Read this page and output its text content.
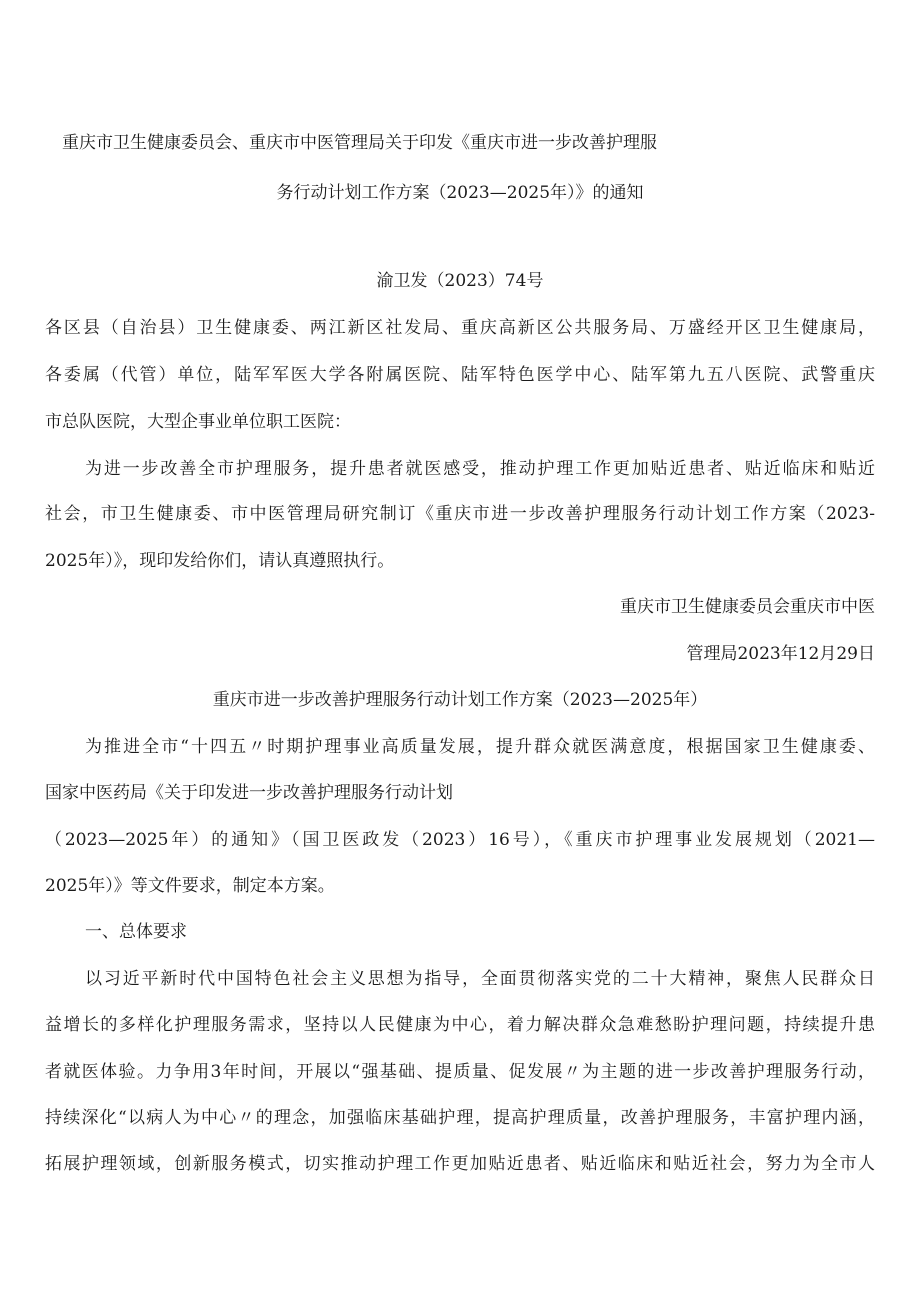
重庆市卫生健康委员会、重庆市中医管理局关于印发《重庆市进一步改善护理服
务行动计划工作方案（2023—2025年）》的通知
渝卫发（2023）74号
各区县（自治县）卫生健康委、两江新区社发局、重庆高新区公共服务局、万盛经开区卫生健康局，
各委属（代管）单位，陆军军医大学各附属医院、陆军特色医学中心、陆军第九五八医院、武警重庆
市总队医院，大型企事业单位职工医院：
为进一步改善全市护理服务，提升患者就医感受，推动护理工作更加贴近患者、贴近临床和贴近
社会，市卫生健康委、市中医管理局研究制订《重庆市进一步改善护理服务行动计划工作方案（2023-
2025年）》，现印发给你们，请认真遵照执行。
重庆市卫生健康委员会重庆市中医
管理局2023年12月29日
重庆市进一步改善护理服务行动计划工作方案（2023—2025年）
为推进全市“十四五〃时期护理事业高质量发展，提升群众就医满意度，根据国家卫生健康委、
国家中医药局《关于印发进一步改善护理服务行动计划
（2023—2025年）的通知》（国卫医政发（2023）16号），《重庆市护理事业发展规划（2021—
2025年）》等文件要求，制定本方案。
一、总体要求
以习近平新时代中国特色社会主义思想为指导，全面贯彻落实党的二十大精神，聚焦人民群众日
益增长的多样化护理服务需求，坚持以人民健康为中心，着力解决群众急难愁盼护理问题，持续提升患
者就医体验。力争用3年时间，开展以“强基础、提质量、促发展〃为主题的进一步改善护理服务行动，
持续深化“以病人为中心〃的理念，加强临床基础护理，提高护理质量，改善护理服务，丰富护理内涵，
拓展护理领域，创新服务模式，切实推动护理工作更加贴近患者、贴近临床和贴近社会，努力为全市人
